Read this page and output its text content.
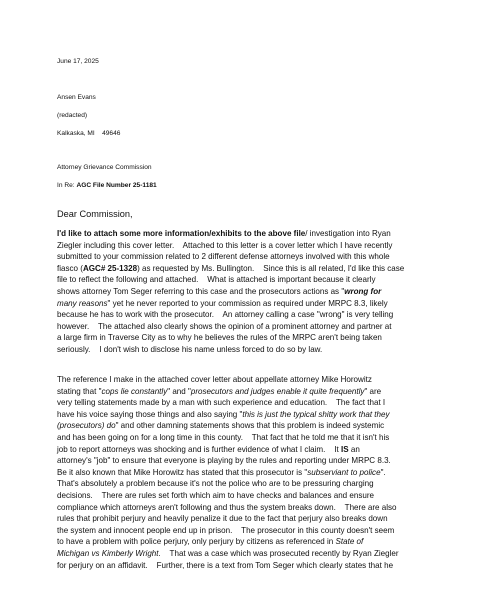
June 17, 2025
Ansen Evans
(redacted)
Kalkaska, MI    49646
Attorney Grievance Commission
In Re: AGC File Number 25-1181
Dear Commission,
I'd like to attach some more information/exhibits to the above file/ investigation into Ryan
Ziegler including this cover letter.    Attached to this letter is a cover letter which I have recently
submitted to your commission related to 2 different defense attorneys involved with this whole
fiasco (AGC# 25-1328) as requested by Ms. Bullington.    Since this is all related, I'd like this case
file to reflect the following and attached.    What is attached is important because it clearly
shows attorney Tom Seger referring to this case and the prosecutors actions as "wrong for
many reasons" yet he never reported to your commission as required under MRPC 8.3, likely
because he has to work with the prosecutor.    An attorney calling a case "wrong" is very telling
however.    The attached also clearly shows the opinion of a prominent attorney and partner at
a large firm in Traverse City as to why he believes the rules of the MRPC aren't being taken
seriously.    I don't wish to disclose his name unless forced to do so by law.
The reference I make in the attached cover letter about appellate attorney Mike Horowitz
stating that "cops lie constantly" and "prosecutors and judges enable it quite frequently" are
very telling statements made by a man with such experience and education.    The fact that I
have his voice saying those things and also saying "this is just the typical shitty work that they
(prosecutors) do" and other damning statements shows that this problem is indeed systemic
and has been going on for a long time in this county.    That fact that he told me that it isn't his
job to report attorneys was shocking and is further evidence of what I claim.    It IS an
attorney's "job" to ensure that everyone is playing by the rules and reporting under MRPC 8.3.
Be it also known that Mike Horowitz has stated that this prosecutor is "subserviant to police".
That's absolutely a problem because it's not the police who are to be pressuring charging
decisions.    There are rules set forth which aim to have checks and balances and ensure
compliance which attorneys aren't following and thus the system breaks down.    There are also
rules that prohibit perjury and heavily penalize it due to the fact that perjury also breaks down
the system and innocent people end up in prison.    The prosecutor in this county doesn't seem
to have a problem with police perjury, only perjury by citizens as referenced in State of
Michigan vs Kimberly Wright.    That was a case which was prosecuted recently by Ryan Ziegler
for perjury on an affidavit.    Further, there is a text from Tom Seger which clearly states that he
